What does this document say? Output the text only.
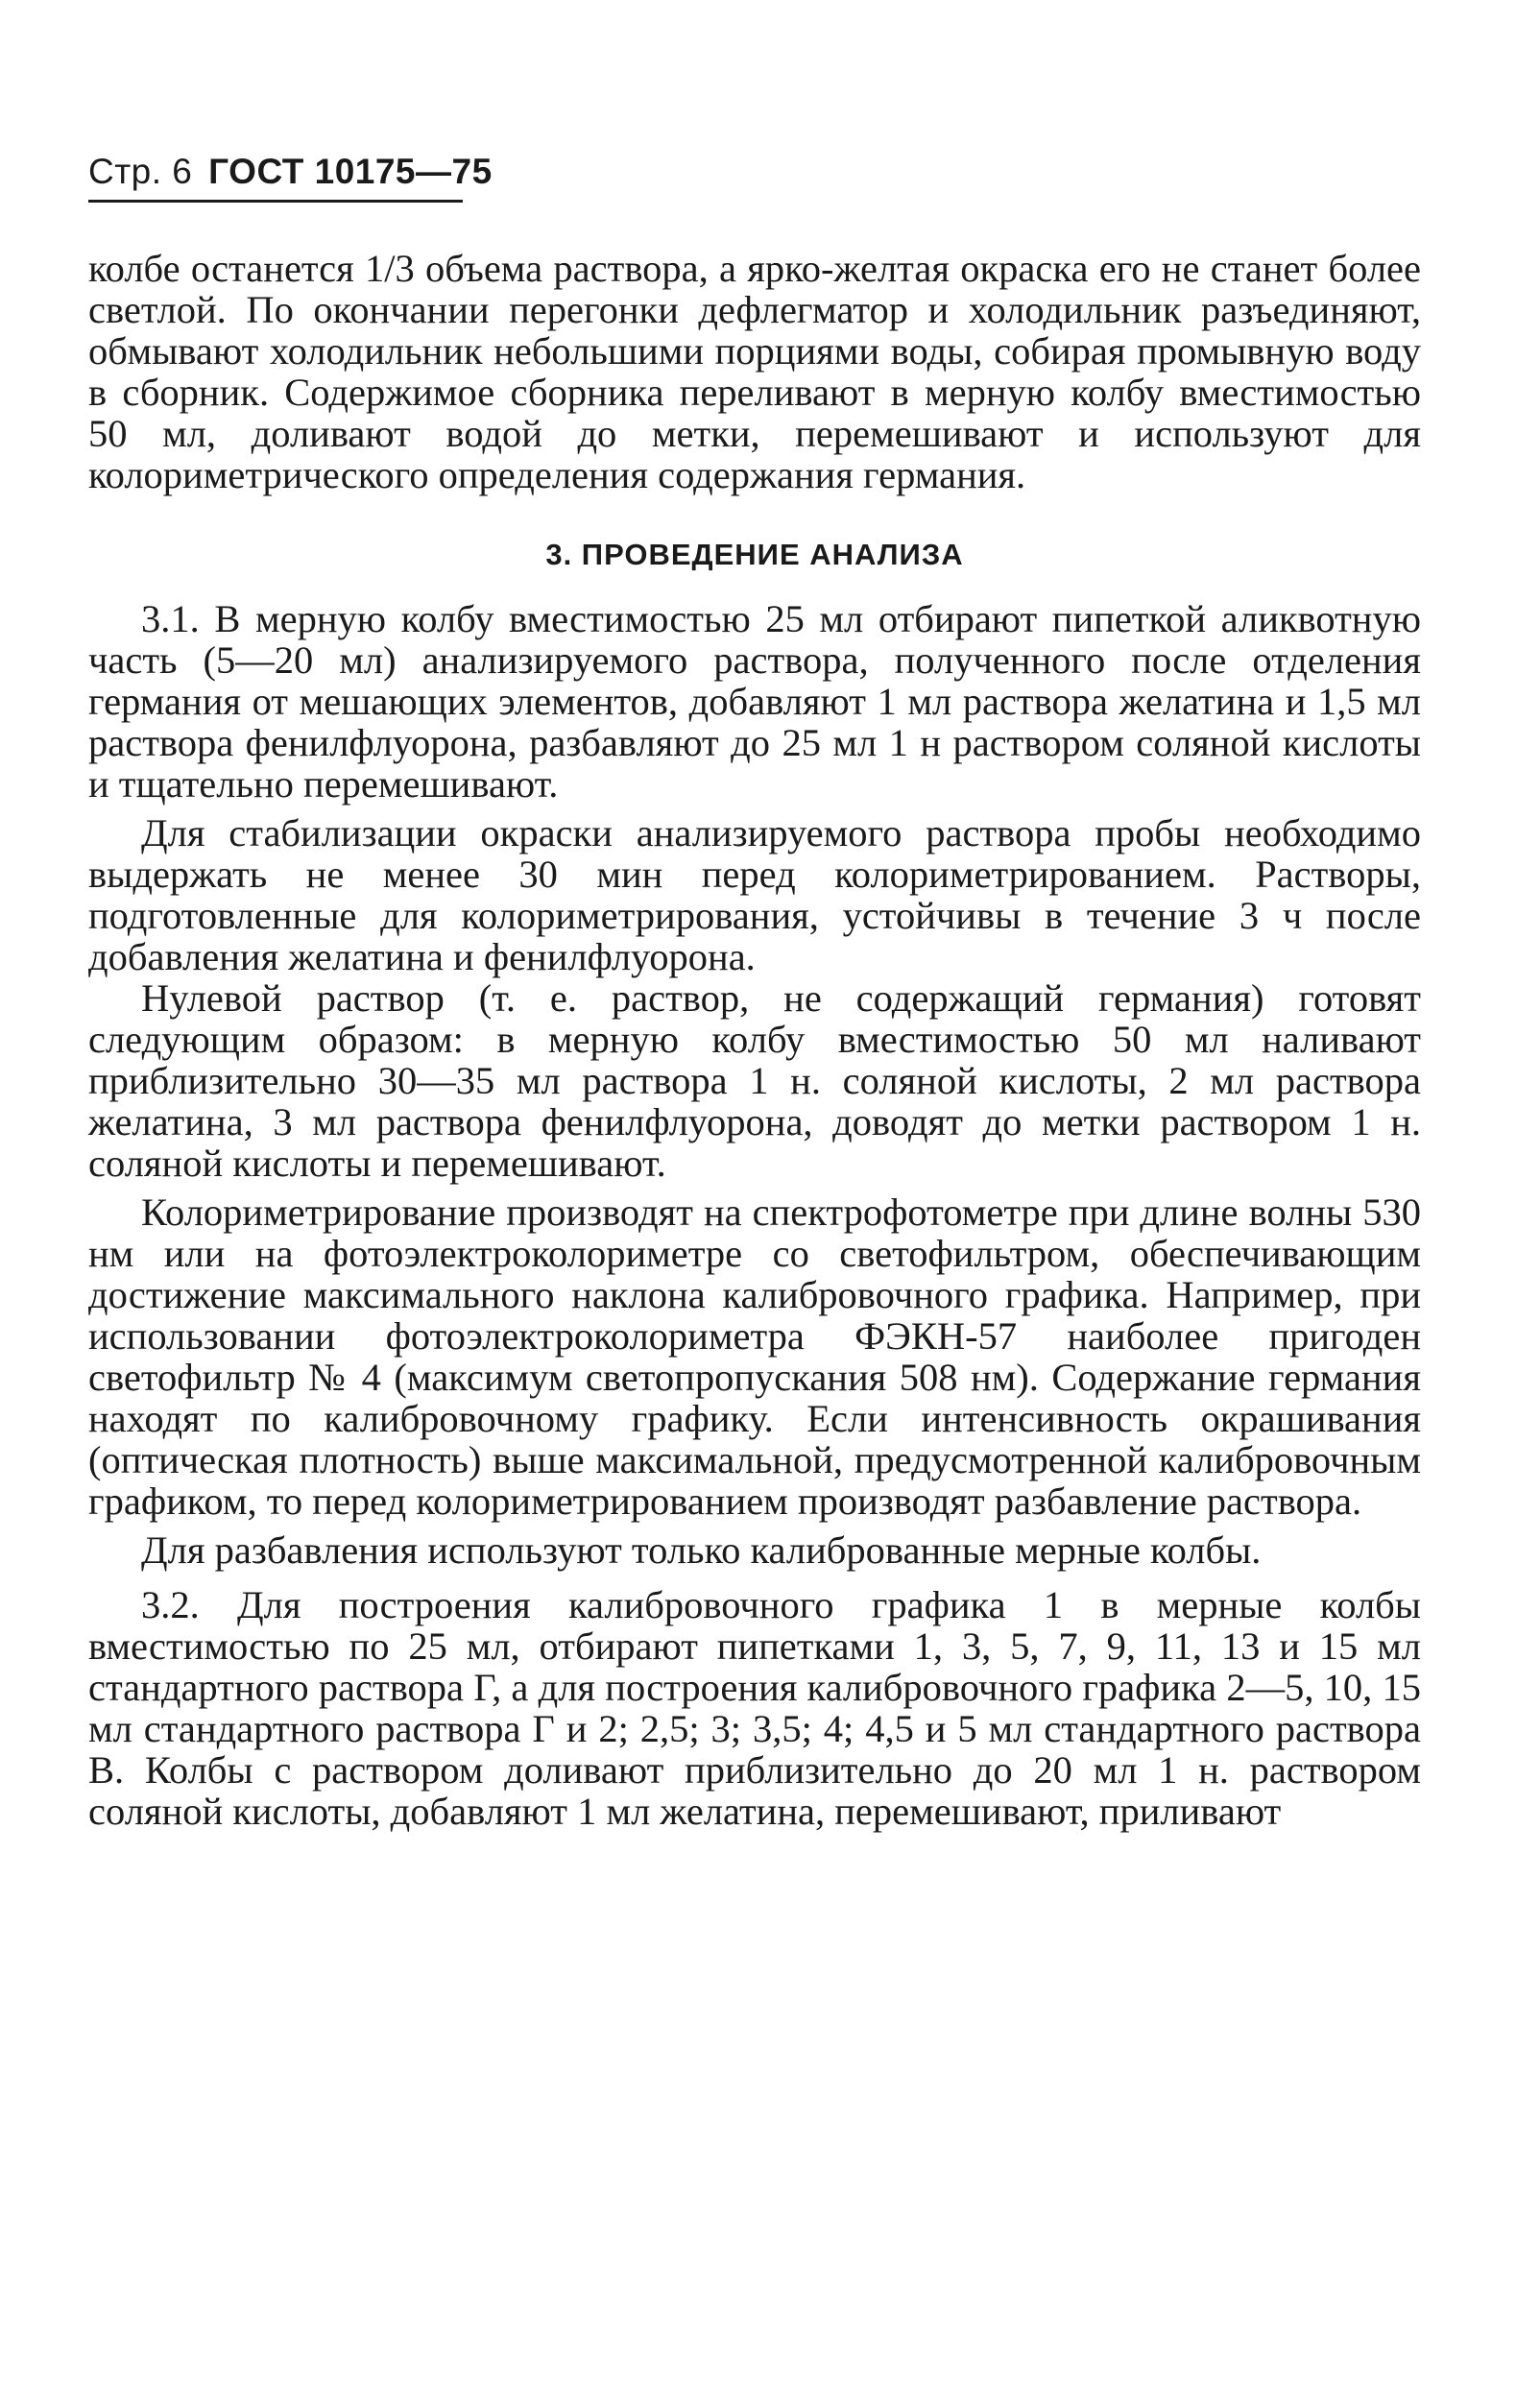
Стр. 6 ГОСТ 10175—75

колбе останется 1/3 объема раствора, а ярко-желтая окраска его не станет более светлой. По окончании перегонки дефлегматор и холодильник разъединяют, обмывают холодильник небольшими порциями воды, собирая промывную воду в сборник. Содержимое сборника переливают в мерную колбу вместимостью 50 мл, доливают водой до метки, перемешивают и используют для колориметрического определения содержания германия.

3. ПРОВЕДЕНИЕ АНАЛИЗА

3.1. В мерную колбу вместимостью 25 мл отбирают пипеткой аликвотную часть (5—20 мл) анализируемого раствора, полученного после отделения германия от мешающих элементов, добавляют 1 мл раствора желатина и 1,5 мл раствора фенилфлуорона, разбавляют до 25 мл 1 н раствором соляной кислоты и тщательно перемешивают.

Для стабилизации окраски анализируемого раствора пробы необходимо выдержать не менее 30 мин перед колориметрированием. Растворы, подготовленные для колориметрирования, устойчивы в течение 3 ч после добавления желатина и фенилфлуорона.

Нулевой раствор (т. е. раствор, не содержащий германия) готовят следующим образом: в мерную колбу вместимостью 50 мл наливают приблизительно 30—35 мл раствора 1 н. соляной кислоты, 2 мл раствора желатина, 3 мл раствора фенилфлуорона, доводят до метки раствором 1 н. соляной кислоты и перемешивают.

Колориметрирование производят на спектрофотометре при длине волны 530 нм или на фотоэлектроколориметре со светофильтром, обеспечивающим достижение максимального наклона калибровочного графика. Например, при использовании фотоэлектроколориметра ФЭКН-57 наиболее пригоден светофильтр № 4 (максимум светопропускания 508 нм). Содержание германия находят по калибровочному графику. Если интенсивность окрашивания (оптическая плотность) выше максимальной, предусмотренной калибровочным графиком, то перед колориметрированием производят разбавление раствора.

Для разбавления используют только калиброванные мерные колбы.

3.2. Для построения калибровочного графика 1 в мерные колбы вместимостью по 25 мл, отбирают пипетками 1, 3, 5, 7, 9, 11, 13 и 15 мл стандартного раствора Г, а для построения калибровочного графика 2—5, 10, 15 мл стандартного раствора Г и 2; 2,5; 3; 3,5; 4; 4,5 и 5 мл стандартного раствора В. Колбы с раствором доливают приблизительно до 20 мл 1 н. раствором соляной кислоты, добавляют 1 мл желатина, перемешивают, приливают
